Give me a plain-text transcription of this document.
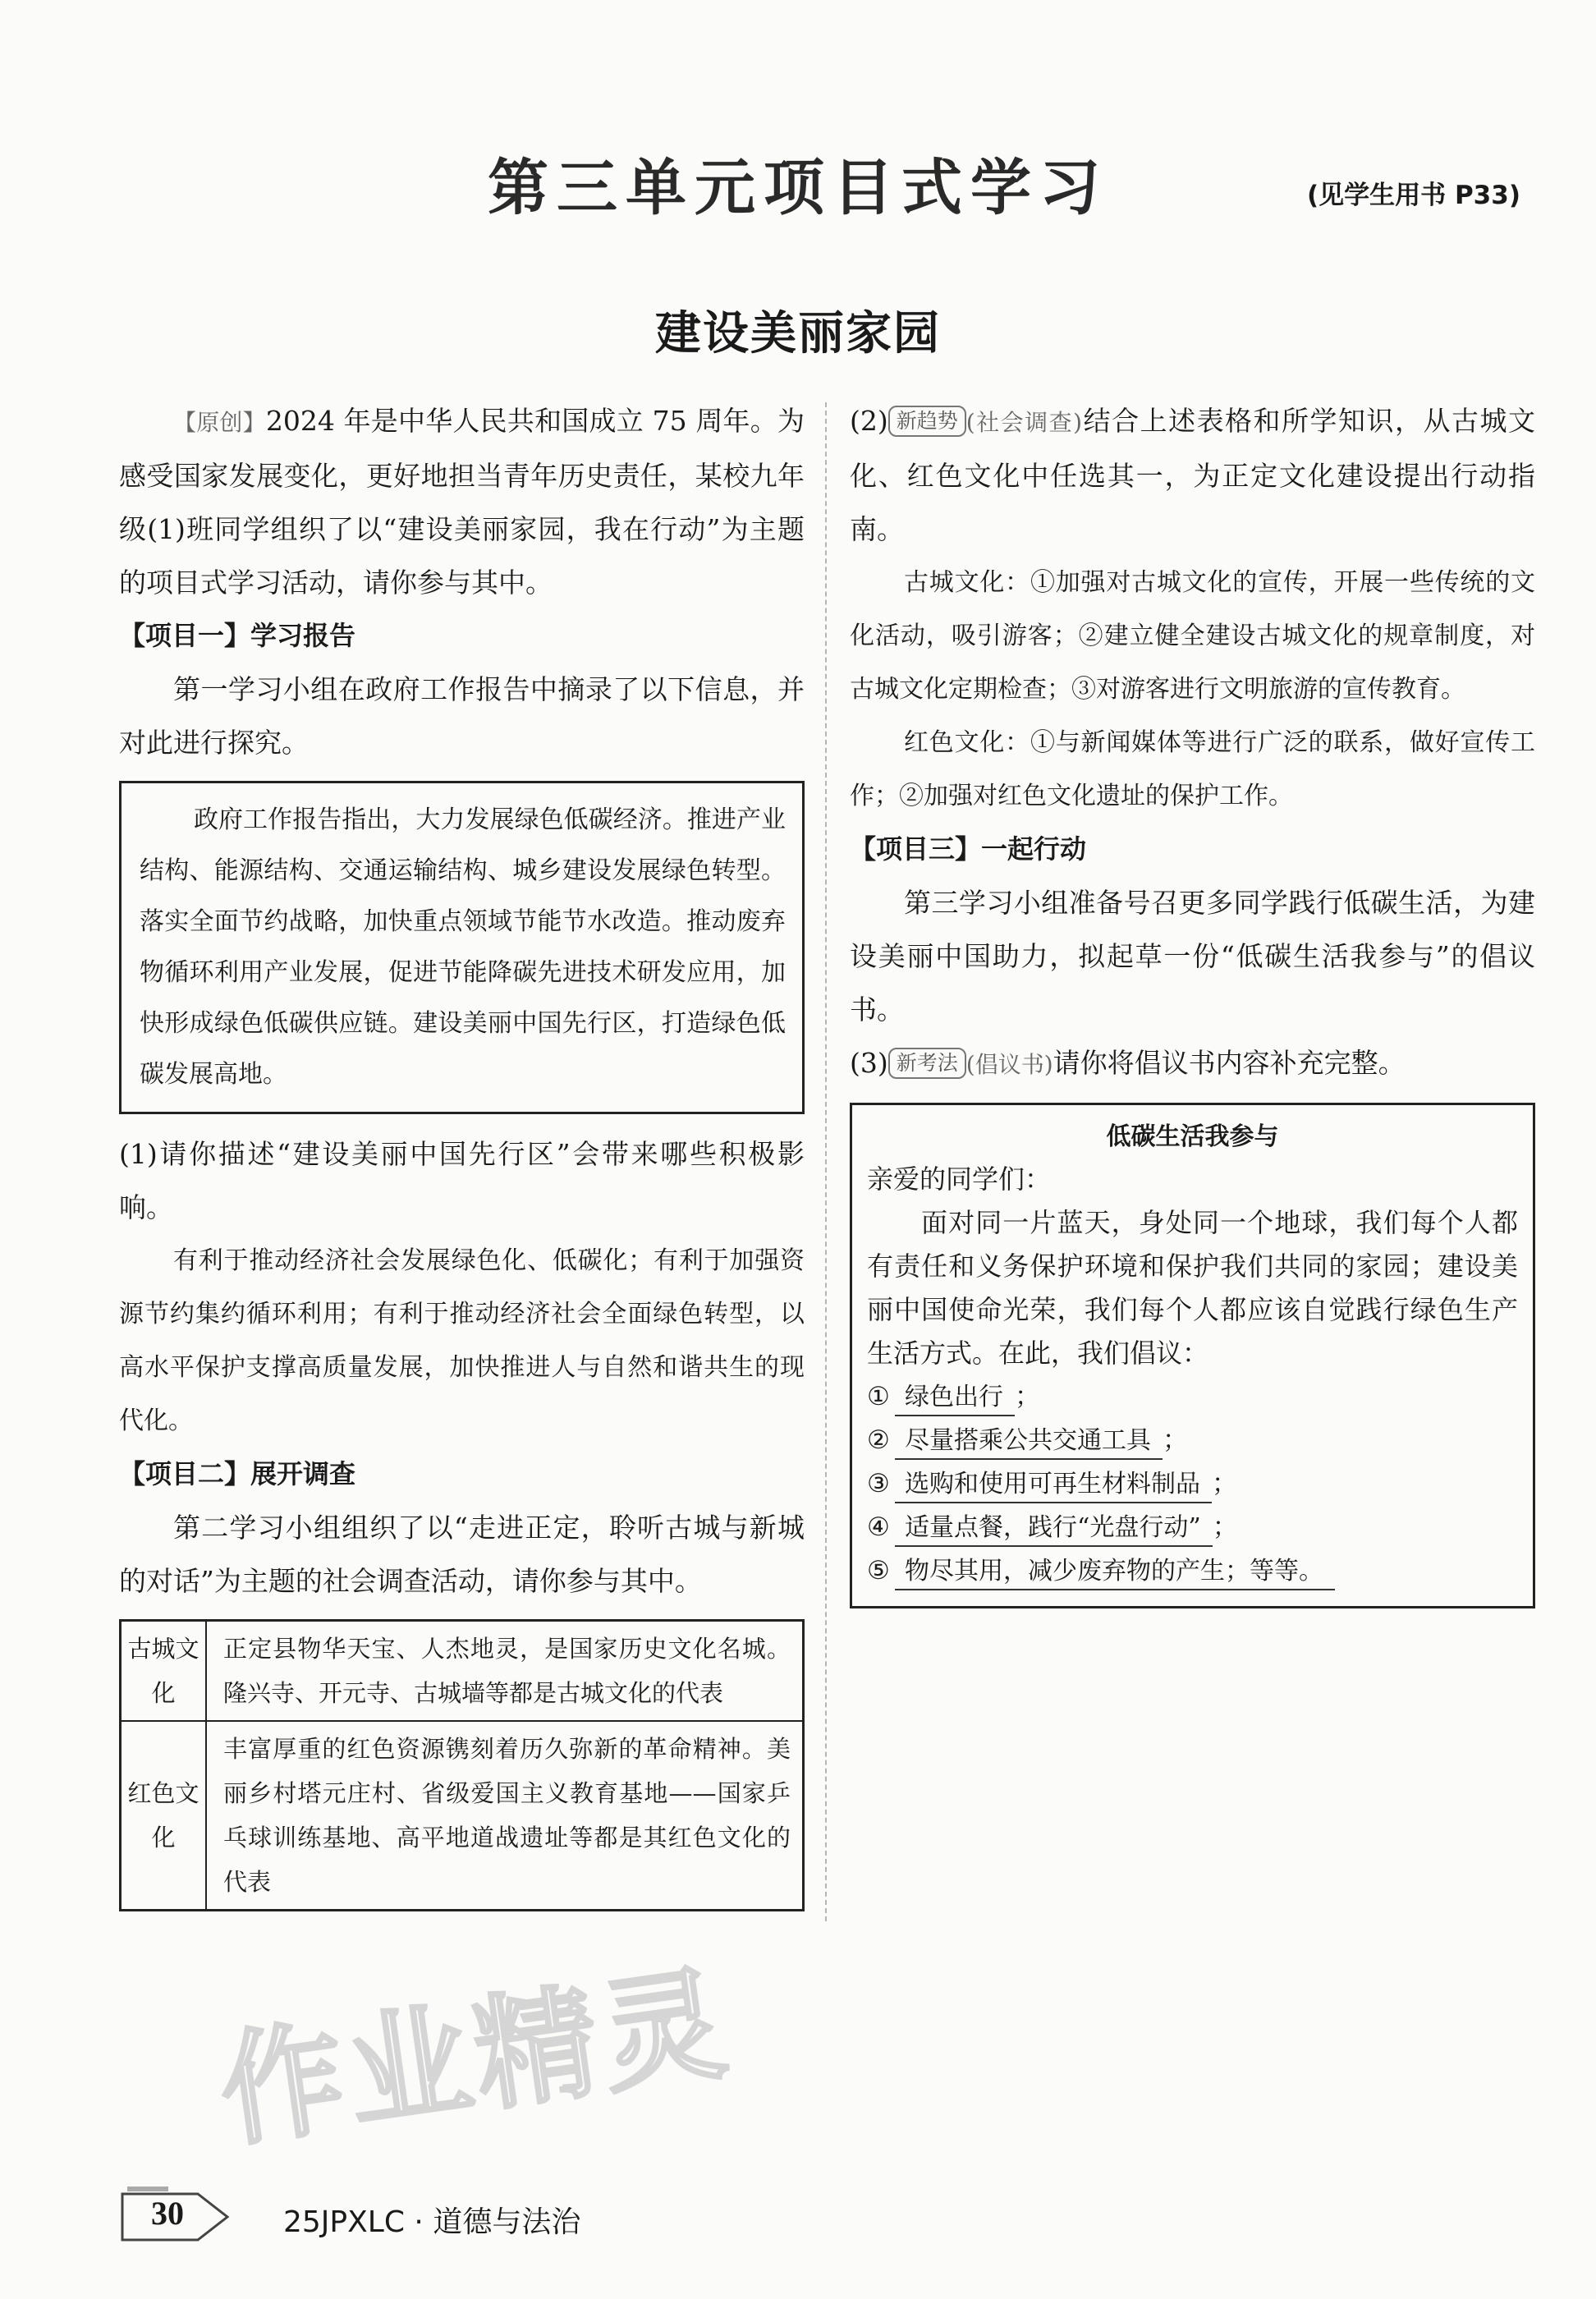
第三单元项目式学习	(见学生用书 P33)
建设美丽家园

【原创】2024 年是中华人民共和国成立 75 周年。为感受国家发展变化，更好地担当青年历史责任，某校九年级(1)班同学组织了以“建设美丽家园，我在行动”为主题的项目式学习活动，请你参与其中。

【项目一】学习报告

第一学习小组在政府工作报告中摘录了以下信息，并对此进行探究。

政府工作报告指出，大力发展绿色低碳经济。推进产业结构、能源结构、交通运输结构、城乡建设发展绿色转型。落实全面节约战略，加快重点领域节能节水改造。推动废弃物循环利用产业发展，促进节能降碳先进技术研发应用，加快形成绿色低碳供应链。建设美丽中国先行区，打造绿色低碳发展高地。

(1)请你描述“建设美丽中国先行区”会带来哪些积极影响。

有利于推动经济社会发展绿色化、低碳化；有利于加强资源节约集约循环利用；有利于推动经济社会全面绿色转型，以高水平保护支撑高质量发展，加快推进人与自然和谐共生的现代化。

【项目二】展开调查

第二学习小组组织了以“走进正定，聆听古城与新城的对话”为主题的社会调查活动，请你参与其中。

古城文化	正定县物华天宝、人杰地灵，是国家历史文化名城。隆兴寺、开元寺、古城墙等都是古城文化的代表
红色文化	丰富厚重的红色资源镌刻着历久弥新的革命精神。美丽乡村塔元庄村、省级爱国主义教育基地——国家乒乓球训练基地、高平地道战遗址等都是其红色文化的代表

(2) 新趋势 (社会调查)结合上述表格和所学知识，从古城文化、红色文化中任选其一，为正定文化建设提出行动指南。

古城文化：①加强对古城文化的宣传，开展一些传统的文化活动，吸引游客；②建立健全建设古城文化的规章制度，对古城文化定期检查；③对游客进行文明旅游的宣传教育。

红色文化：①与新闻媒体等进行广泛的联系，做好宣传工作；②加强对红色文化遗址的保护工作。

【项目三】一起行动

第三学习小组准备号召更多同学践行低碳生活，为建设美丽中国助力，拟起草一份“低碳生活我参与”的倡议书。

(3) 新考法 (倡议书)请你将倡议书内容补充完整。

低碳生活我参与

亲爱的同学们：

面对同一片蓝天，身处同一个地球，我们每个人都有责任和义务保护环境和保护我们共同的家园；建设美丽中国使命光荣，我们每个人都应该自觉践行绿色生产生活方式。在此，我们倡议：

① 绿色出行 ；
② 尽量搭乘公共交通工具 ；
③ 选购和使用可再生材料制品 ；
④ 适量点餐，践行“光盘行动” ；
⑤ 物尽其用，减少废弃物的产生；等等。
作业精灵
30	25JPXLC · 道德与法治
